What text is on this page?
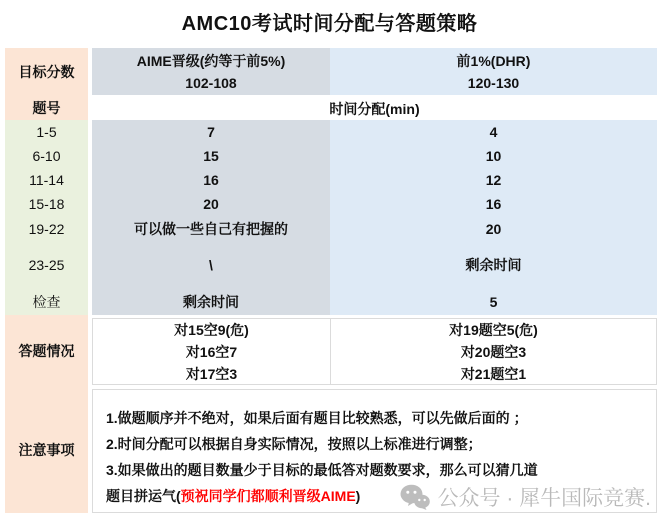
AMC10考试时间分配与答题策略
目标分数
题号
1-5
6-10
11-14
15-18
19-22
23-25
检查
答题情况
注意事项
AIME晋级(约等于前5%)
102-108
前1%(DHR)
120-130
时间分配(min)
7
15
16
20
可以做一些自己有把握的
\
剩余时间
4
10
12
16
20
剩余时间
5
对15空9(危)
对16空7
对17空3
对19题空5(危)
对20题空3
对21题空1
1.做题顺序并不绝对，如果后面有题目比较熟悉，可以先做后面的 ；
2.时间分配可以根据自身实际情况，按照以上标准进行调整；
3.如果做出的题目数量少于目标的最低答对题数要求，那么可以猜几道
题目拼运气(预祝同学们都顺利晋级AIME)	公众号 · 犀牛国际竞赛.
